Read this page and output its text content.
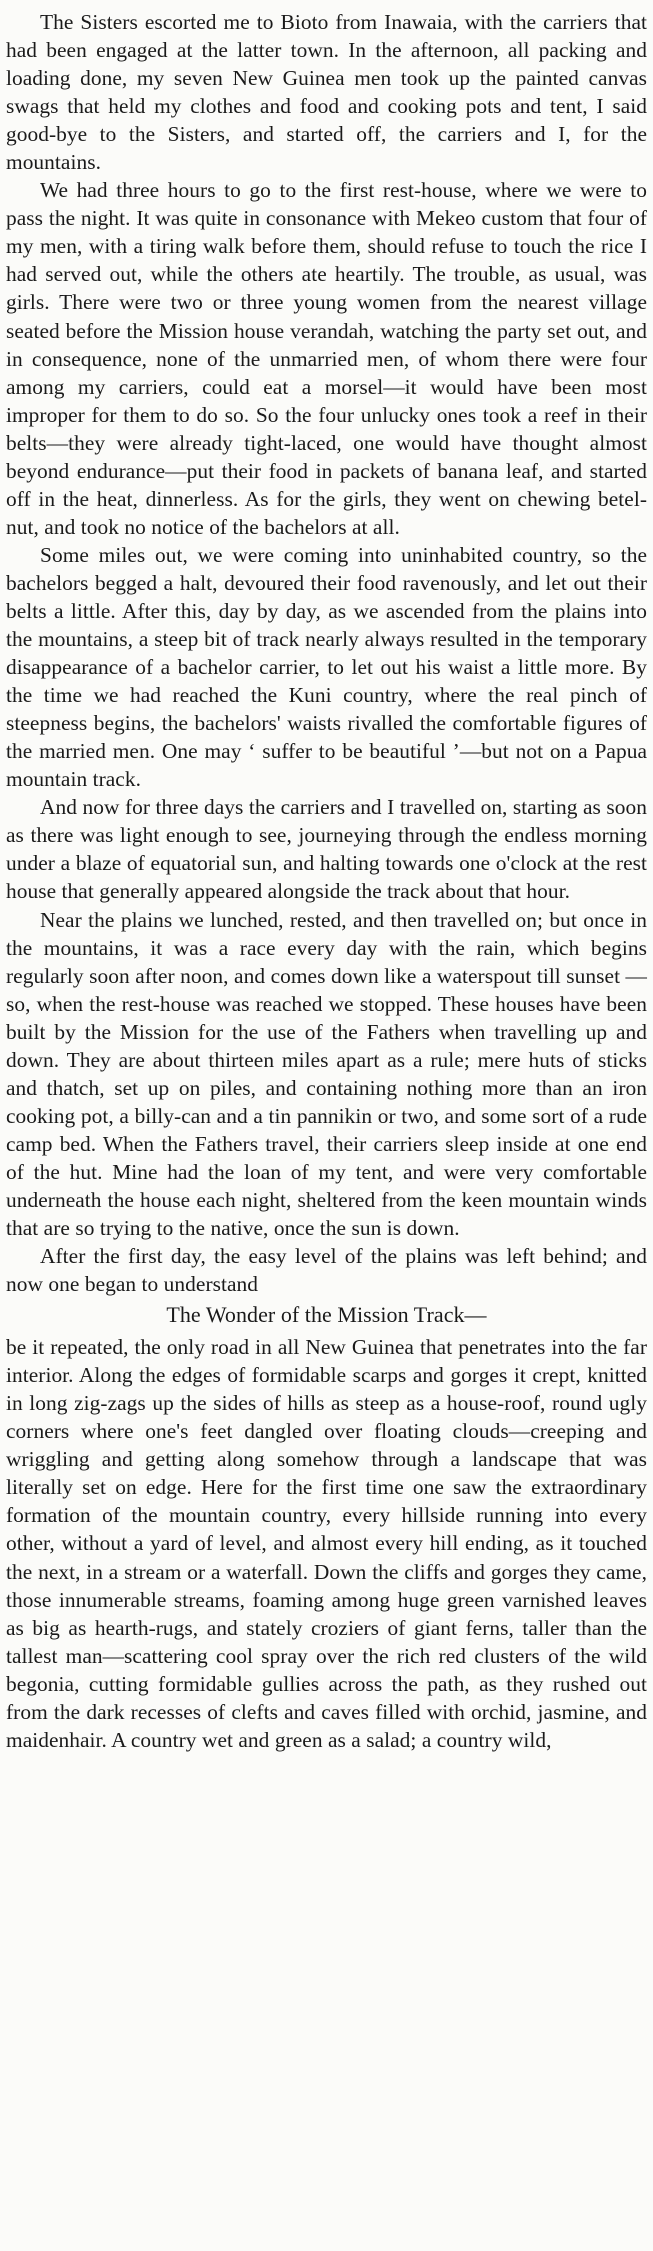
The Sisters escorted me to Bioto from Inawaia, with the carriers that had been engaged at the latter town. In the afternoon, all packing and loading done, my seven New Guinea men took up the painted canvas swags that held my clothes and food and cooking pots and tent, I said good-bye to the Sisters, and started off, the carriers and I, for the mountains.

We had three hours to go to the first rest-house, where we were to pass the night. It was quite in consonance with Mekeo custom that four of my men, with a tiring walk before them, should refuse to touch the rice I had served out, while the others ate heartily. The trouble, as usual, was girls. There were two or three young women from the nearest village seated before the Mission house verandah, watching the party set out, and in consequence, none of the unmarried men, of whom there were four among my carriers, could eat a morsel—it would have been most improper for them to do so. So the four unlucky ones took a reef in their belts—they were already tight-laced, one would have thought almost beyond endurance—put their food in packets of banana leaf, and started off in the heat, dinnerless. As for the girls, they went on chewing betel-nut, and took no notice of the bachelors at all.

Some miles out, we were coming into uninhabited country, so the bachelors begged a halt, devoured their food ravenously, and let out their belts a little. After this, day by day, as we ascended from the plains into the mountains, a steep bit of track nearly always resulted in the temporary disappearance of a bachelor carrier, to let out his waist a little more. By the time we had reached the Kuni country, where the real pinch of steepness begins, the bachelors' waists rivalled the comfortable figures of the married men. One may ‘ suffer to be beautiful ’—but not on a Papua mountain track.

And now for three days the carriers and I travelled on, starting as soon as there was light enough to see, journeying through the endless morning under a blaze of equatorial sun, and halting towards one o'clock at the rest house that generally appeared alongside the track about that hour.

Near the plains we lunched, rested, and then travelled on; but once in the mountains, it was a race every day with the rain, which begins regularly soon after noon, and comes down like a waterspout till sunset —so, when the rest-house was reached we stopped. These houses have been built by the Mission for the use of the Fathers when travelling up and down. They are about thirteen miles apart as a rule; mere huts of sticks and thatch, set up on piles, and containing nothing more than an iron cooking pot, a billy-can and a tin pannikin or two, and some sort of a rude camp bed. When the Fathers travel, their carriers sleep inside at one end of the hut. Mine had the loan of my tent, and were very comfortable underneath the house each night, sheltered from the keen mountain winds that are so trying to the native, once the sun is down.

After the first day, the easy level of the plains was left behind; and now one began to understand

The Wonder of the Mission Track—

be it repeated, the only road in all New Guinea that penetrates into the far interior. Along the edges of formidable scarps and gorges it crept, knitted in long zig-zags up the sides of hills as steep as a house-roof, round ugly corners where one's feet dangled over floating clouds—creeping and wriggling and getting along somehow through a landscape that was literally set on edge. Here for the first time one saw the extraordinary formation of the mountain country, every hillside running into every other, without a yard of level, and almost every hill ending, as it touched the next, in a stream or a waterfall. Down the cliffs and gorges they came, those innumerable streams, foaming among huge green varnished leaves as big as hearth-rugs, and stately croziers of giant ferns, taller than the tallest man—scattering cool spray over the rich red clusters of the wild begonia, cutting formidable gullies across the path, as they rushed out from the dark recesses of clefts and caves filled with orchid, jasmine, and maidenhair. A country wet and green as a salad; a country wild,
